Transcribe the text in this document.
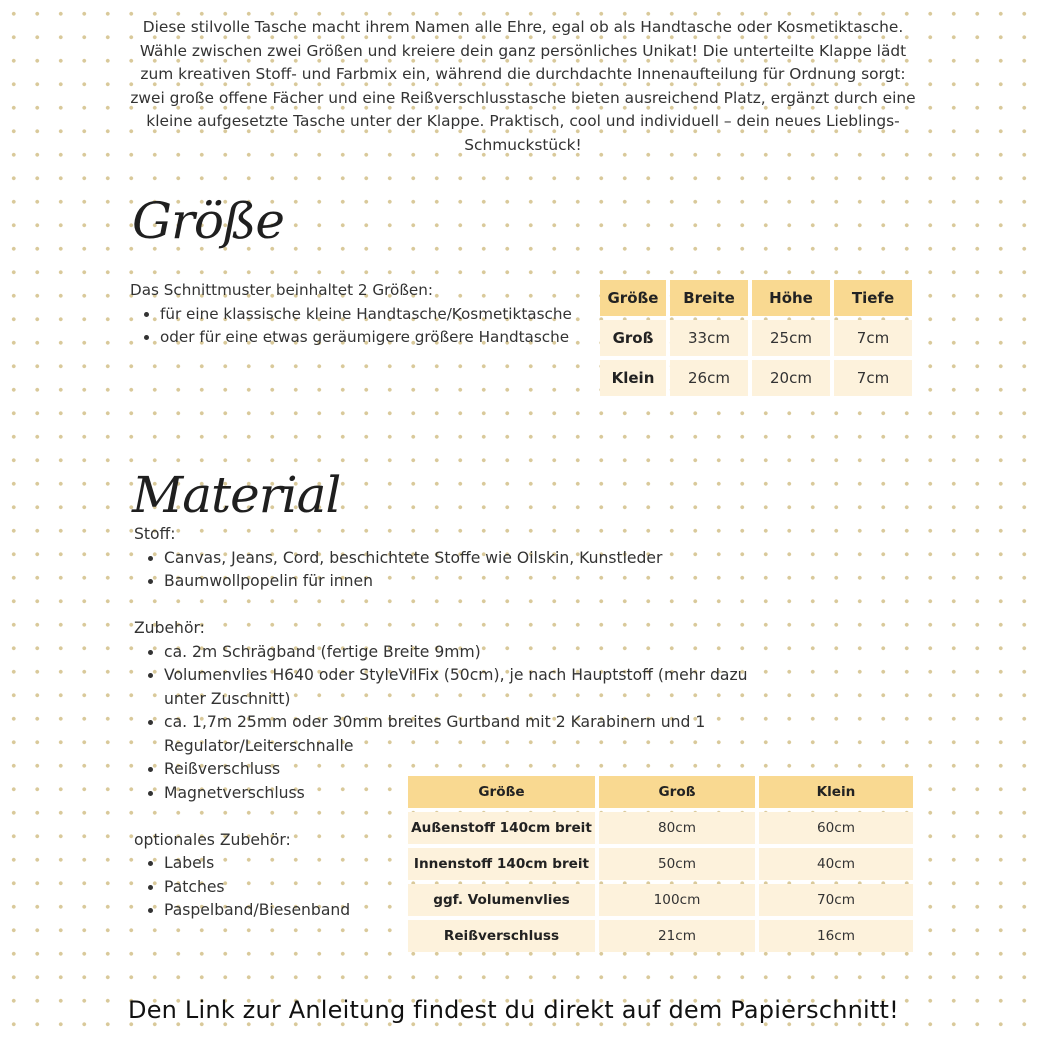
Diese stilvolle Tasche macht ihrem Namen alle Ehre, egal ob als Handtasche oder Kosmetiktasche. Wähle zwischen zwei Größen und kreiere dein ganz persönliches Unikat! Die unterteilte Klappe lädt zum kreativen Stoff- und Farbmix ein, während die durchdachte Innenaufteilung für Ordnung sorgt: zwei große offene Fächer und eine Reißverschlusstasche bieten ausreichend Platz, ergänzt durch eine kleine aufgesetzte Tasche unter der Klappe. Praktisch, cool und individuell – dein neues Lieblings-Schmuckstück!

Größe
Das Schnittmuster beinhaltet 2 Größen:
• für eine klassische kleine Handtasche/Kosmetiktasche
• oder für eine etwas geräumigere größere Handtasche
Größe	Breite	Höhe	Tiefe
Groß	33cm	25cm	7cm
Klein	26cm	20cm	7cm
Material
Stoff:
• Canvas, Jeans, Cord, beschichtete Stoffe wie Oilskin, Kunstleder
• Baumwollpopelin für innen
Zubehör:
• ca. 2m Schrägband (fertige Breite 9mm)
• Volumenvlies H640 oder StyleVilFix (50cm), je nach Hauptstoff (mehr dazu unter Zuschnitt)
• ca. 1,7m 25mm oder 30mm breites Gurtband mit 2 Karabinern und 1 Regulator/Leiterschnalle
• Reißverschluss
• Magnetverschluss
optionales Zubehör:
• Labels
• Patches
• Paspelband/Biesenband
Größe	Groß	Klein
Außenstoff 140cm breit	80cm	60cm
Innenstoff 140cm breit	50cm	40cm
ggf. Volumenvlies	100cm	70cm
Reißverschluss	21cm	16cm
Den Link zur Anleitung findest du direkt auf dem Papierschnitt!
